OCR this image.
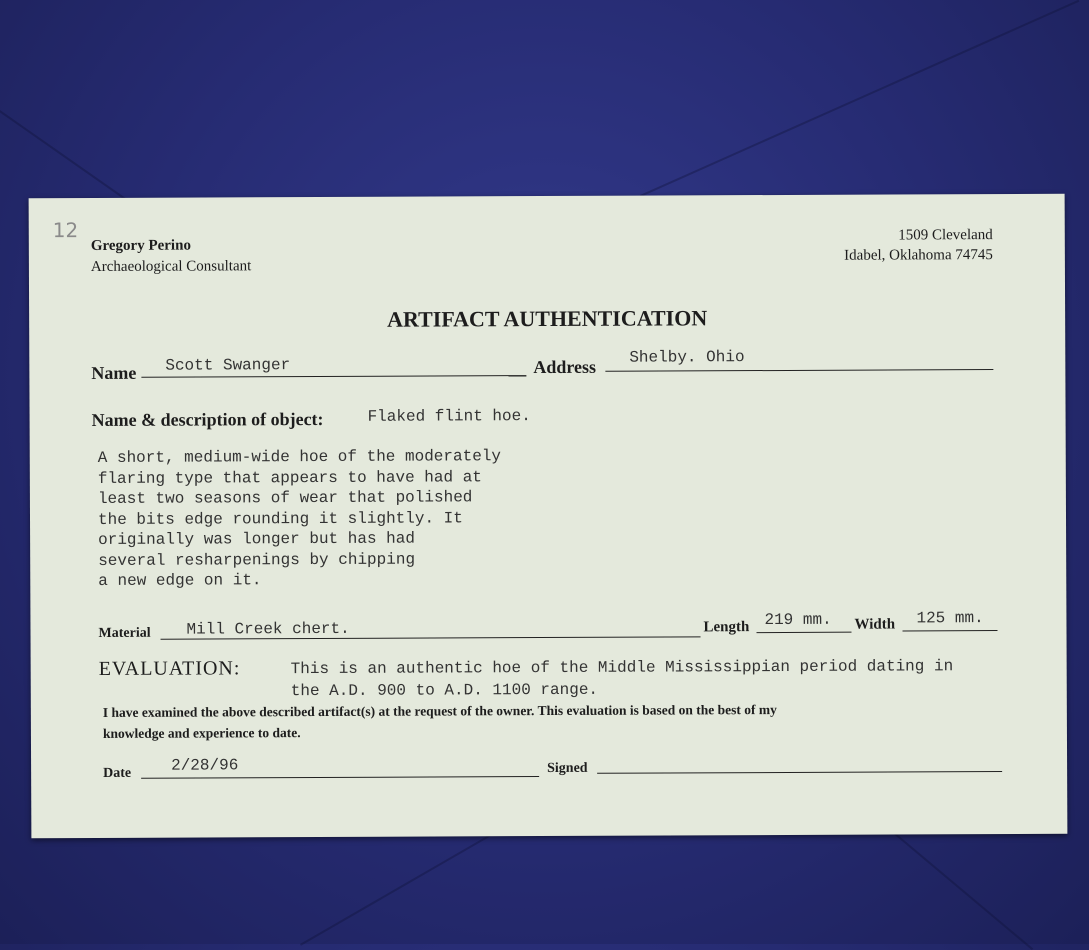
12
Gregory Perino
Archaeological Consultant
1509 Cleveland
Idabel, Oklahoma 74745
ARTIFACT AUTHENTICATION
Name Scott Swanger	Address Shelby. Ohio
Name & description of object:	Flaked flint hoe.
A short, medium-wide hoe of the moderately
flaring type that appears to have had at
least two seasons of wear that polished
the bits edge rounding it slightly. It
originally was longer but has had
several resharpenings by chipping
a new edge on it.
Material Mill Creek chert.	Length 219 mm. Width 125 mm.
EVALUATION:	This is an authentic hoe of the Middle Mississippian period dating in
the A.D. 900 to A.D. 1100 range.
I have examined the above described artifact(s) at the request of the owner. This evaluation is based on the best of my
knowledge and experience to date.
Date 2/28/96	Signed
